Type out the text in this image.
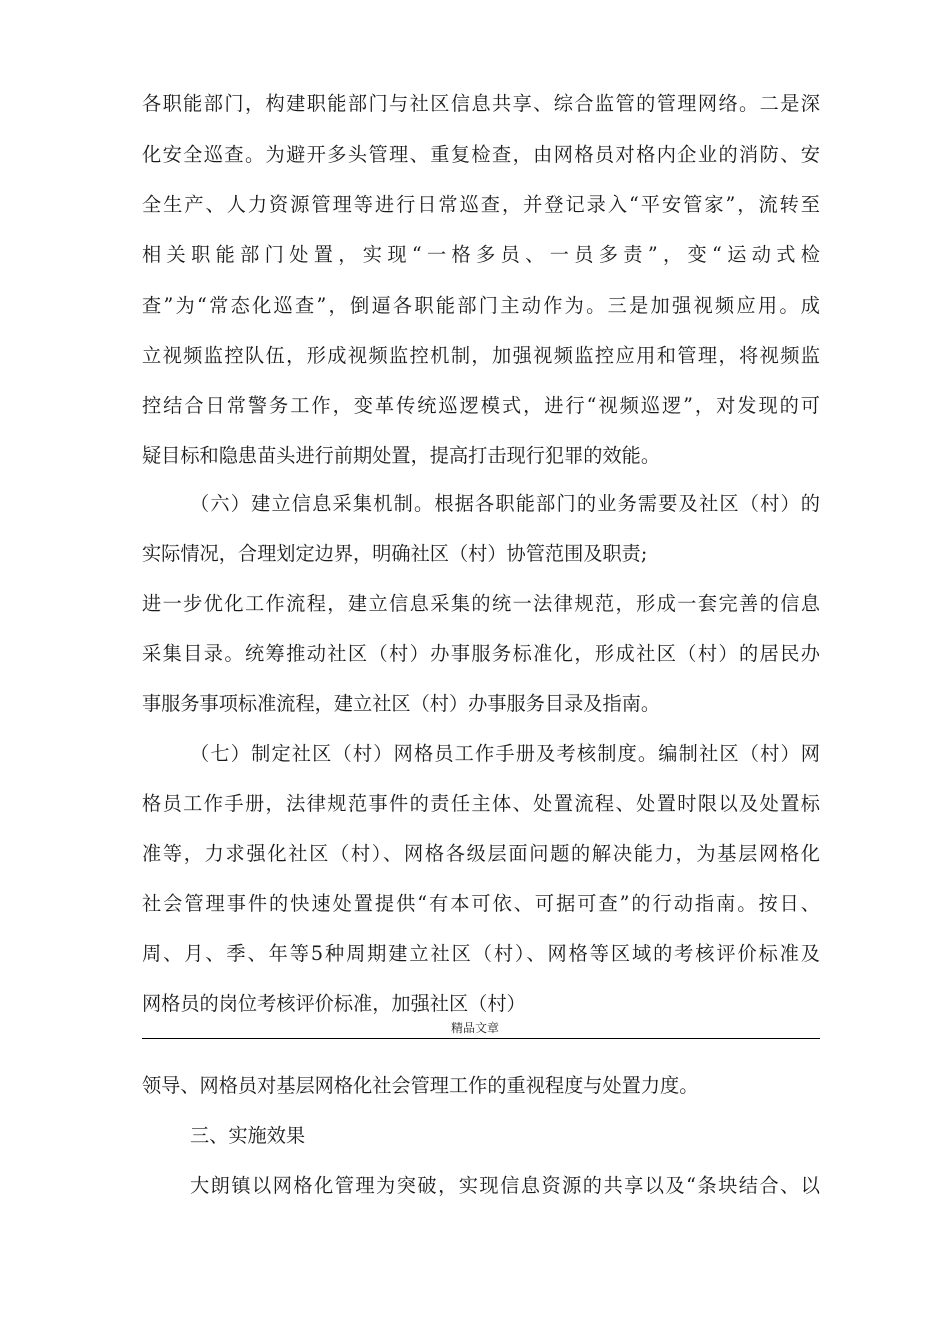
各职能部门，构建职能部门与社区信息共享、综合监管的管理网络。二是深
化安全巡查。为避开多头管理、重复检查，由网格员对格内企业的消防、安
全生产、人力资源管理等进行日常巡查，并登记录入“平安管家”，流转至
相关职能部门处置，实现“一格多员、一员多责”，变“运动式检
查”为“常态化巡查”，倒逼各职能部门主动作为。三是加强视频应用。成
立视频监控队伍，形成视频监控机制，加强视频监控应用和管理，将视频监
控结合日常警务工作，变革传统巡逻模式，进行“视频巡逻”，对发现的可
疑目标和隐患苗头进行前期处置，提高打击现行犯罪的效能。
（六）建立信息采集机制。根据各职能部门的业务需要及社区（村）的
实际情况，合理划定边界，明确社区（村）协管范围及职责;
进一步优化工作流程，建立信息采集的统一法律规范，形成一套完善的信息
采集目录。统筹推动社区（村）办事服务标准化，形成社区（村）的居民办
事服务事项标准流程，建立社区（村）办事服务目录及指南。
（七）制定社区（村）网格员工作手册及考核制度。编制社区（村）网
格员工作手册，法律规范事件的责任主体、处置流程、处置时限以及处置标
准等，力求强化社区（村）、网格各级层面问题的解决能力，为基层网格化
社会管理事件的快速处置提供“有本可依、可据可查”的行动指南。按日、
周、月、季、年等5种周期建立社区（村）、网格等区域的考核评价标准及
网格员的岗位考核评价标准，加强社区（村）
精品文章
领导、网格员对基层网格化社会管理工作的重视程度与处置力度。
三、实施效果
大朗镇以网格化管理为突破，实现信息资源的共享以及“条块结合、以
